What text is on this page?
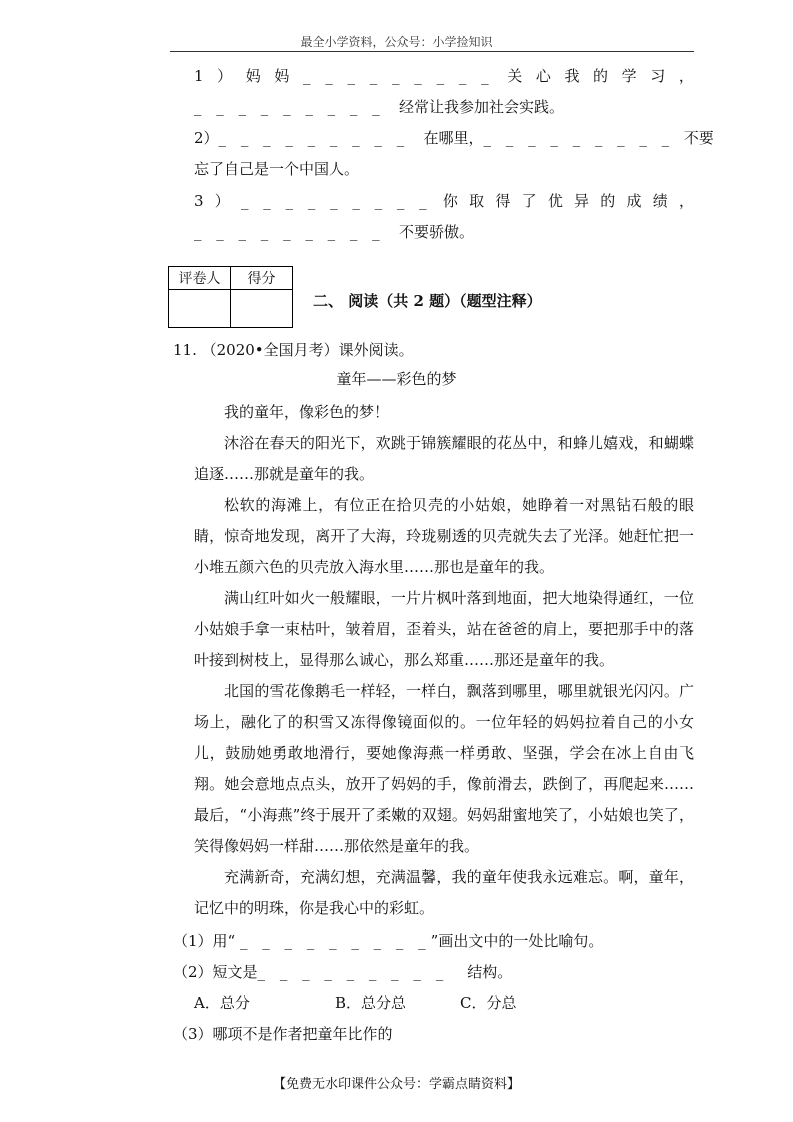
最全小学资料，公众号：小学捡知识
1 ） 妈 妈 _ _ _ _ _ _ _ _ _ 关 心 我 的 学 习 ，
_ _ _ _ _ _ _ _ _ 经常让我参加社会实践。
2）_ _ _ _ _ _ _ _ _ 在哪里，_ _ _ _ _ _ _ _ _ 不要
忘了自己是一个中国人。
3 ） _ _ _ _ _ _ _ _ _ 你 取 得 了 优 异 的 成 绩 ，
_ _ _ _ _ _ _ _ _ 不要骄傲。
评卷人	得分

二、 阅读（共 2 题）（题型注释）
11. （2020•全国月考）课外阅读。
童年——彩色的梦
我的童年，像彩色的梦！
沐浴在春天的阳光下，欢跳于锦簇耀眼的花丛中，和蜂儿嬉戏，和蝴蝶追逐……那就是童年的我。
松软的海滩上，有位正在拾贝壳的小姑娘，她睁着一对黑钻石般的眼睛，惊奇地发现，离开了大海，玲珑剔透的贝壳就失去了光泽。她赶忙把一小堆五颜六色的贝壳放入海水里……那也是童年的我。
满山红叶如火一般耀眼，一片片枫叶落到地面，把大地染得通红，一位小姑娘手拿一束枯叶，皱着眉，歪着头，站在爸爸的肩上，要把那手中的落叶接到树枝上，显得那么诚心，那么郑重……那还是童年的我。
北国的雪花像鹅毛一样轻，一样白，飘落到哪里，哪里就银光闪闪。广场上，融化了的积雪又冻得像镜面似的。一位年轻的妈妈拉着自己的小女儿，鼓励她勇敢地滑行，要她像海燕一样勇敢、坚强，学会在冰上自由飞翔。她会意地点点头，放开了妈妈的手，像前滑去，跌倒了，再爬起来……最后，“小海燕”终于展开了柔嫩的双翅。妈妈甜蜜地笑了，小姑娘也笑了，笑得像妈妈一样甜……那依然是童年的我。
充满新奇，充满幻想，充满温馨，我的童年使我永远难忘。啊，童年，记忆中的明珠，你是我心中的彩虹。
（1）用“ _ _ _ _ _ _ _ _ _”画出文中的一处比喻句。
（2）短文是_ _ _ _ _ _ _ _ _ 结构。
A．总分	B．总分总	C．分总
（3）哪项不是作者把童年比作的
【免费无水印课件公众号：学霸点睛资料】
